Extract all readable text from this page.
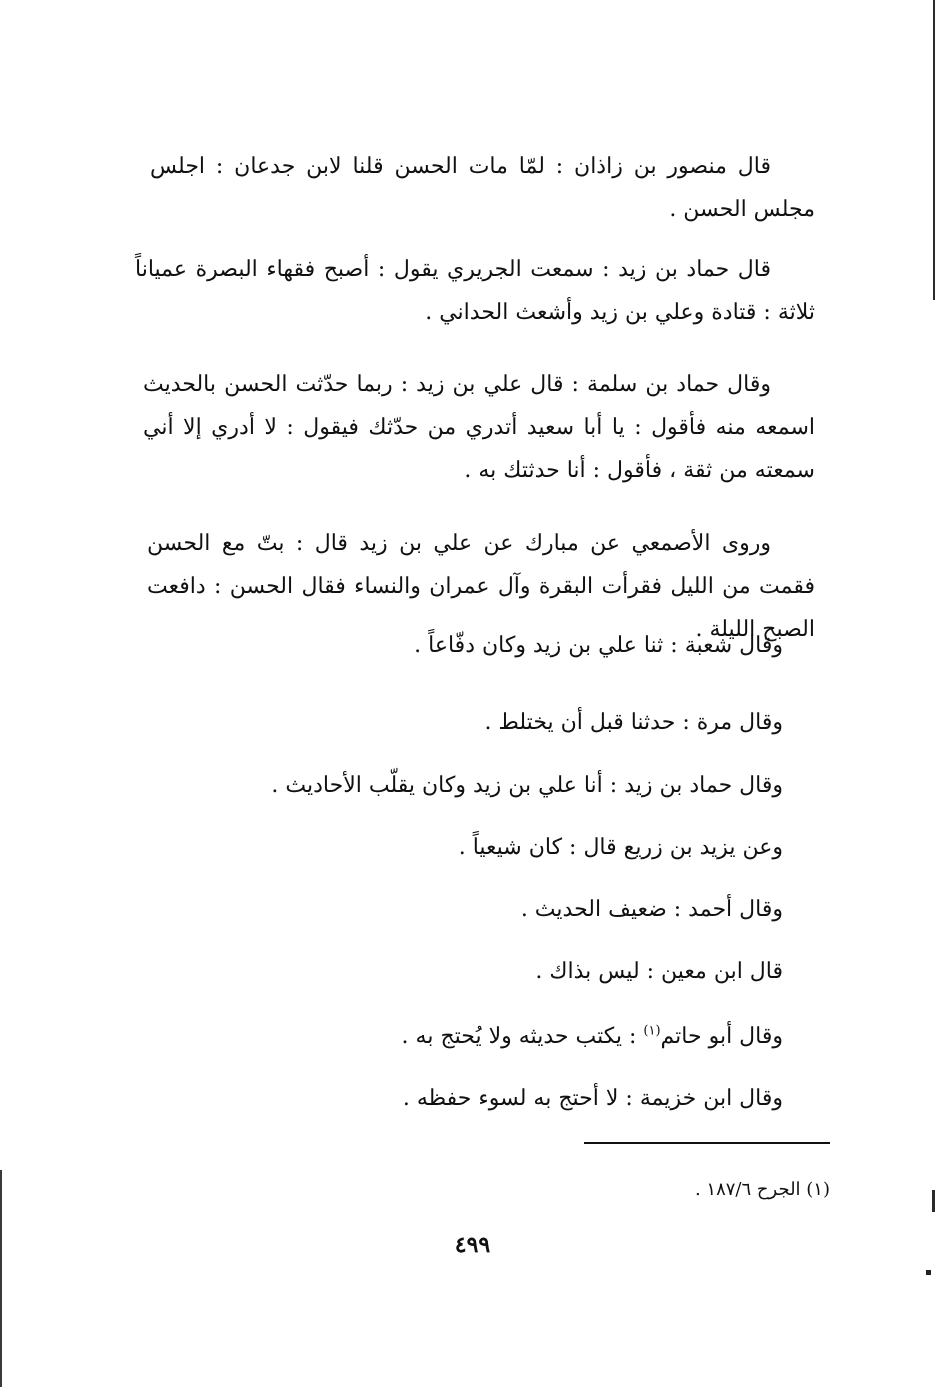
قال منصور بن زاذان : لمّا مات الحسن قلنا لابن جدعان : اجلس مجلس الحسن .

قال حماد بن زيد : سمعت الجريري يقول : أصبح فقهاء البصرة عمياناً ثلاثة : قتادة وعلي بن زيد وأشعث الحداني .

وقال حماد بن سلمة : قال علي بن زيد : ربما حدّثت الحسن بالحديث اسمعه منه فأقول : يا أبا سعيد أتدري من حدّثك فيقول : لا أدري إلا أني سمعته من ثقة ، فأقول : أنا حدثتك به .

وروى الأصمعي عن مبارك عن علي بن زيد قال : بتّ مع الحسن فقمت من الليل فقرأت البقرة وآل عمران والنساء فقال الحسن : دافعت الصبح الليلة .

وقال شعبة : ثنا علي بن زيد وكان دفّاعاً .

وقال مرة : حدثنا قبل أن يختلط .

وقال حماد بن زيد : أنا علي بن زيد وكان يقلّب الأحاديث .

وعن يزيد بن زريع قال : كان شيعياً .

وقال أحمد : ضعيف الحديث .

قال ابن معين : ليس بذاك .

وقال أبو حاتم$^{(١)}$ : يكتب حديثه ولا يُحتج به .

وقال ابن خزيمة : لا أحتج به لسوء حفظه .

(١) الجرح ١٨٧/٦ .
٤٩٩
